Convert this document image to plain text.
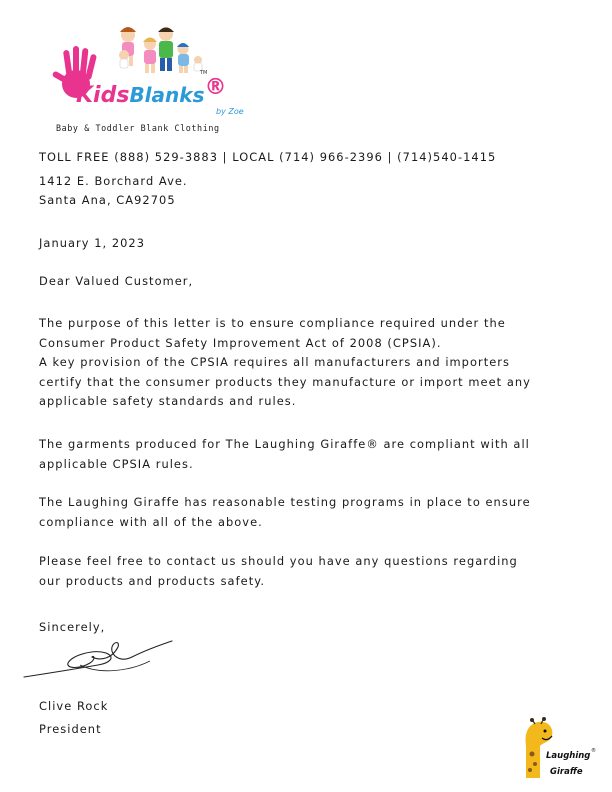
TM
KidsBlanks®
by Zoe
Baby & Toddler Blank Clothing
TOLL FREE (888) 529-3883 | LOCAL (714) 966-2396 | (714)540-1415
1412 E. Borchard Ave.
Santa Ana, CA92705
January 1, 2023
Dear Valued Customer,
The purpose of this letter is to ensure compliance required under the
Consumer Product Safety Improvement Act of 2008 (CPSIA).
A key provision of the CPSIA requires all manufacturers and importers
certify that the consumer products they manufacture or import meet any
applicable safety standards and rules.
The garments produced for The Laughing Giraffe® are compliant with all
applicable CPSIA rules.
The Laughing Giraffe has reasonable testing programs in place to ensure
compliance with all of the above.
Please feel free to contact us should you have any questions regarding
our products and products safety.
Sincerely,
Clive Rock
President
Laughing
Giraffe
®
